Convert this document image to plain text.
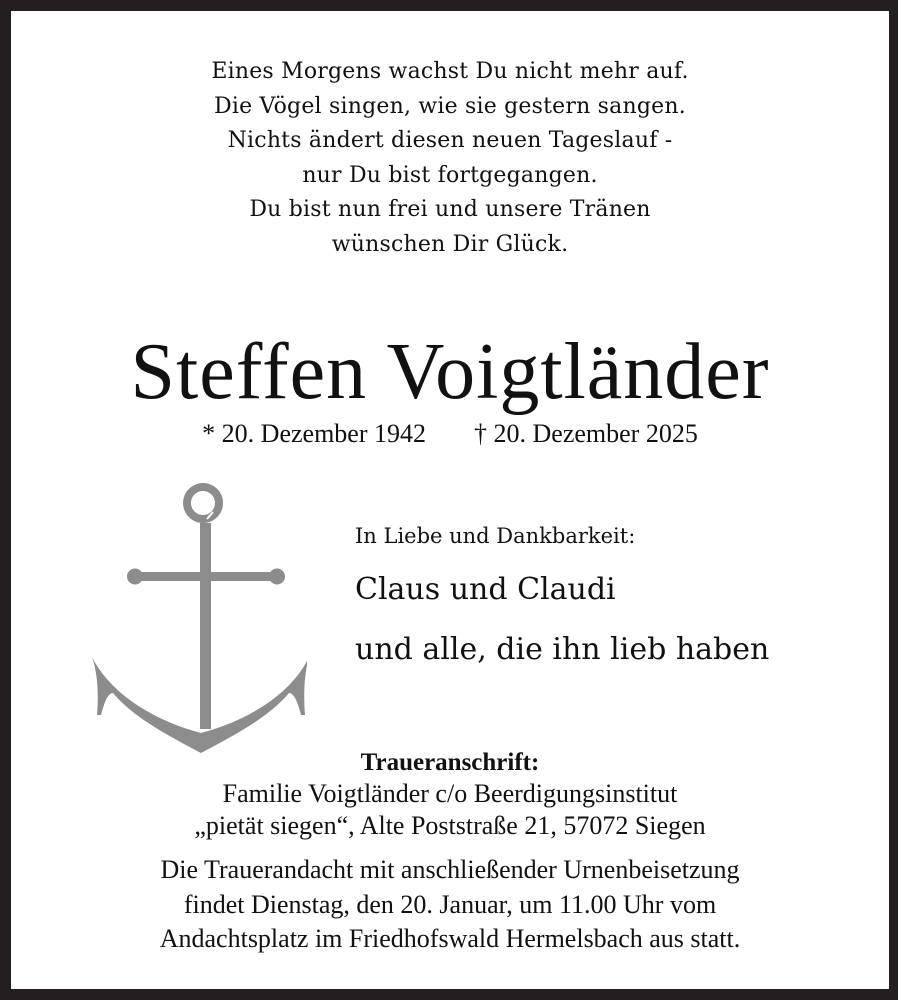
Eines Morgens wachst Du nicht mehr auf.
Die Vögel singen, wie sie gestern sangen.
Nichts ändert diesen neuen Tageslauf -
nur Du bist fortgegangen.
Du bist nun frei und unsere Tränen
wünschen Dir Glück.
Steffen Voigtländer
* 20. Dezember 1942 † 20. Dezember 2025
In Liebe und Dankbarkeit:
Claus und Claudi
und alle, die ihn lieb haben
Traueranschrift:
Familie Voigtländer c/o Beerdigungsinstitut
„pietät siegen“, Alte Poststraße 21, 57072 Siegen
Die Trauerandacht mit anschließender Urnenbeisetzung
findet Dienstag, den 20. Januar, um 11.00 Uhr vom
Andachtsplatz im Friedhofswald Hermelsbach aus statt.
